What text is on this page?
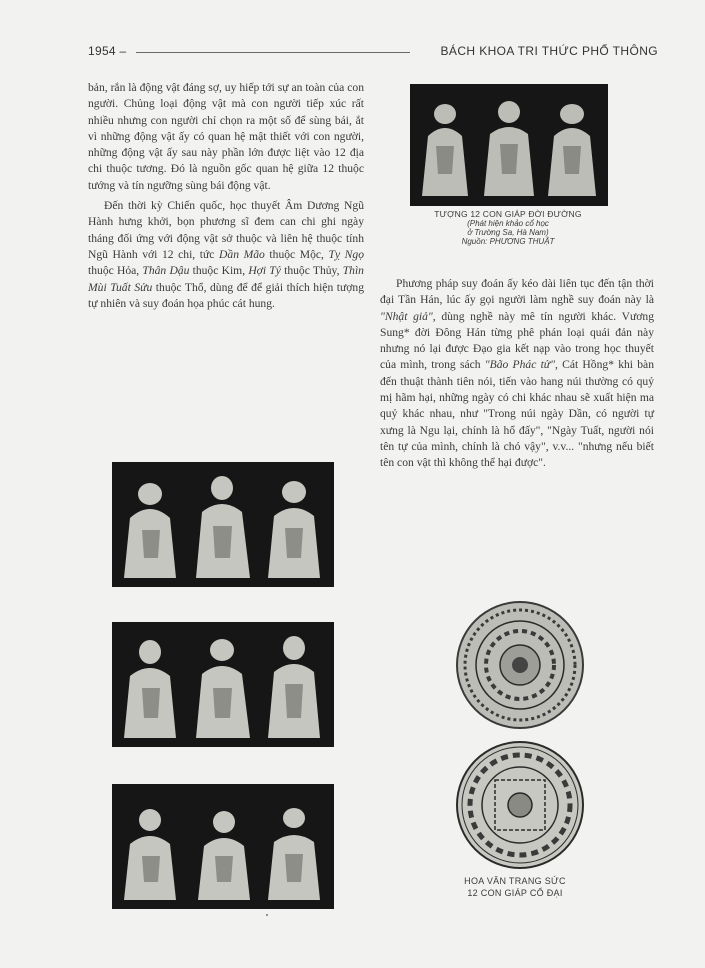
1954 –	BÁCH KHOA TRI THỨC PHỔ THÔNG

bản, rắn là động vật đáng sợ, uy hiếp tới sự an toàn của con người. Chủng loại động vật mà con người tiếp xúc rất nhiều nhưng con người chỉ chọn ra một số để sùng bái, ắt vì những động vật ấy có quan hệ mật thiết với con người, những động vật ấy sau này phần lớn được liệt vào 12 địa chi thuộc tương. Đó là nguồn gốc quan hệ giữa 12 thuộc tướng và tín ngưỡng sùng bái động vật.

Đến thời kỳ Chiến quốc, học thuyết Âm Dương Ngũ Hành hưng khởi, bọn phương sĩ đem can chi ghi ngày tháng đối ứng với động vật sở thuộc và liên hệ thuộc tính Ngũ Hành với 12 chi, tức Dần Mão thuộc Mộc, Tỵ Ngọ thuộc Hỏa, Thân Dậu thuộc Kim, Hợi Tý thuộc Thủy, Thìn Mùi Tuất Sửu thuộc Thổ, dùng để để giải thích hiện tượng tự nhiên và suy đoán họa phúc cát hung.

TƯỢNG 12 CON GIÁP ĐỜI ĐƯỜNG
(Phát hiện khảo cổ học
ở Trường Sa, Hà Nam)
Nguồn: PHƯƠNG THUẬT

Phương pháp suy đoán ấy kéo dài liên tục đến tận thời đại Tần Hán, lúc ấy gọi người làm nghề suy đoán này là "Nhật giả", dùng nghề này mê tín người khác. Vương Sung* đời Đông Hán từng phê phán loại quái đản này nhưng nó lại được Đạo gia kết nạp vào trong học thuyết của mình, trong sách "Bão Phác tử", Cát Hồng* khi bàn đến thuật thành tiên nói, tiến vào hang núi thường có quỷ mị hãm hại, những ngày có chi khác nhau sẽ xuất hiện ma quỷ khác nhau, như "Trong núi ngày Dần, có người tự xưng là Ngu lại, chính là hổ đấy", "Ngày Tuất, người nói tên tự của mình, chính là chó vậy", v.v... "nhưng nếu biết tên con vật thì không thể hại được".

HOA VĂN TRANG SỨC
12 CON GIÁP CỔ ĐẠI
